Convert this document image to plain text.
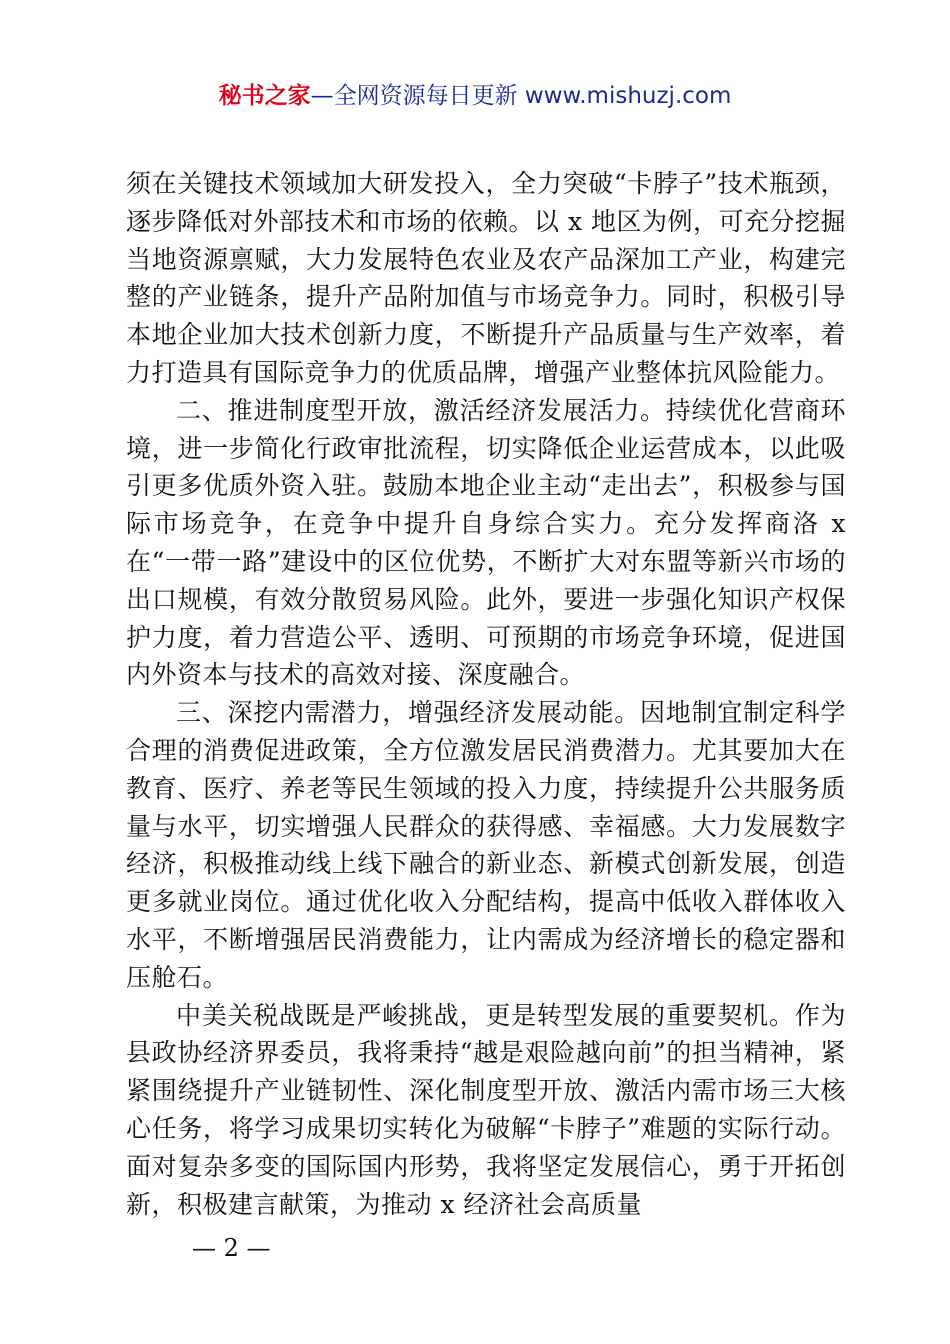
秘书之家—全网资源每日更新 www.mishuzj.com

须在关键技术领域加大研发投入，全力突破“卡脖子”技术瓶颈，逐步降低对外部技术和市场的依赖。以 x 地区为例，可充分挖掘当地资源禀赋，大力发展特色农业及农产品深加工产业，构建完整的产业链条，提升产品附加值与市场竞争力。同时，积极引导本地企业加大技术创新力度，不断提升产品质量与生产效率，着力打造具有国际竞争力的优质品牌，增强产业整体抗风险能力。

二、推进制度型开放，激活经济发展活力。持续优化营商环境，进一步简化行政审批流程，切实降低企业运营成本，以此吸引更多优质外资入驻。鼓励本地企业主动“走出去”，积极参与国际市场竞争，在竞争中提升自身综合实力。充分发挥商洛 x 在“一带一路”建设中的区位优势，不断扩大对东盟等新兴市场的出口规模，有效分散贸易风险。此外，要进一步强化知识产权保护力度，着力营造公平、透明、可预期的市场竞争环境，促进国内外资本与技术的高效对接、深度融合。

三、深挖内需潜力，增强经济发展动能。因地制宜制定科学合理的消费促进政策，全方位激发居民消费潜力。尤其要加大在教育、医疗、养老等民生领域的投入力度，持续提升公共服务质量与水平，切实增强人民群众的获得感、幸福感。大力发展数字经济，积极推动线上线下融合的新业态、新模式创新发展，创造更多就业岗位。通过优化收入分配结构，提高中低收入群体收入水平，不断增强居民消费能力，让内需成为经济增长的稳定器和压舱石。

中美关税战既是严峻挑战，更是转型发展的重要契机。作为县政协经济界委员，我将秉持“越是艰险越向前”的担当精神，紧紧围绕提升产业链韧性、深化制度型开放、激活内需市场三大核心任务，将学习成果切实转化为破解“卡脖子”难题的实际行动。面对复杂多变的国际国内形势，我将坚定发展信心，勇于开拓创新，积极建言献策，为推动 x 经济社会高质量

— 2 —
